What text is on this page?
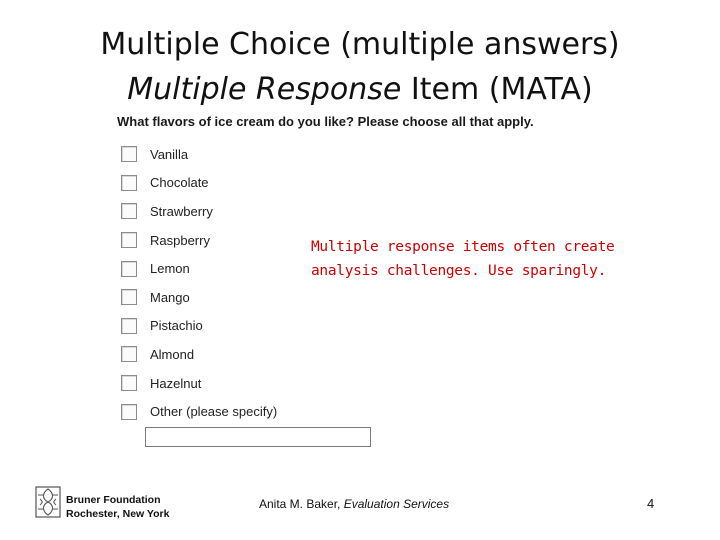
Multiple Choice (multiple answers)
Multiple Response Item (MATA)
What flavors of ice cream do you like? Please choose all that apply.
Vanilla
Chocolate
Strawberry
Raspberry
Lemon
Mango
Pistachio
Almond
Hazelnut
Other (please specify)
Multiple response items often create
analysis challenges. Use sparingly.
Bruner Foundation
Rochester, New York
Anita M. Baker, Evaluation Services	4
